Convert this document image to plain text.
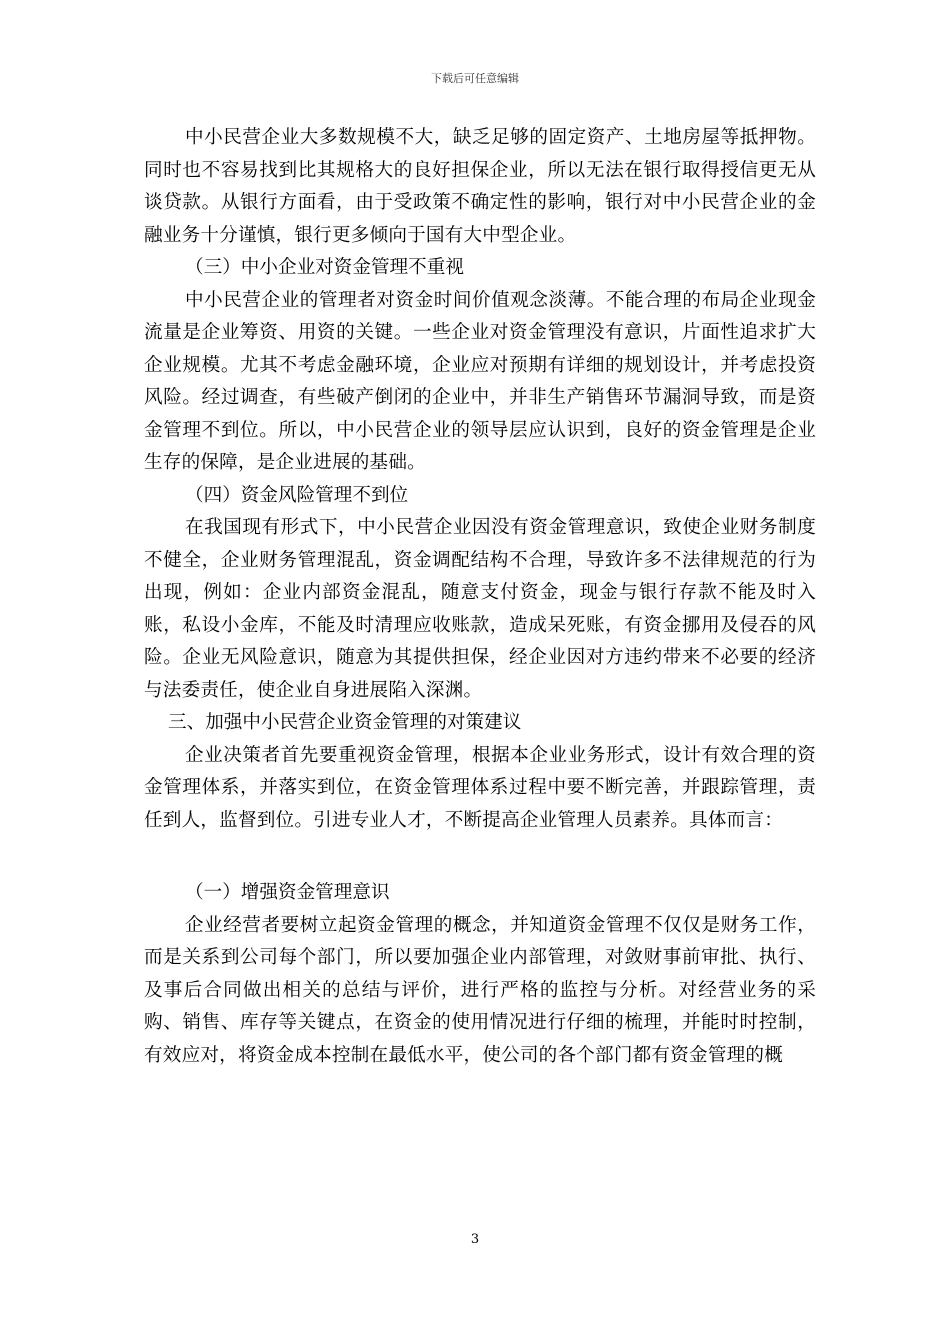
下载后可任意编辑

中小民营企业大多数规模不大，缺乏足够的固定资产、土地房屋等抵押物。同时也不容易找到比其规格大的良好担保企业，所以无法在银行取得授信更无从谈贷款。从银行方面看，由于受政策不确定性的影响，银行对中小民营企业的金融业务十分谨慎，银行更多倾向于国有大中型企业。

（三）中小企业对资金管理不重视

中小民营企业的管理者对资金时间价值观念淡薄。不能合理的布局企业现金流量是企业筹资、用资的关键。一些企业对资金管理没有意识，片面性追求扩大企业规模。尤其不考虑金融环境，企业应对预期有详细的规划设计，并考虑投资风险。经过调查，有些破产倒闭的企业中，并非生产销售环节漏洞导致，而是资金管理不到位。所以，中小民营企业的领导层应认识到，良好的资金管理是企业生存的保障，是企业进展的基础。

（四）资金风险管理不到位

在我国现有形式下，中小民营企业因没有资金管理意识，致使企业财务制度不健全，企业财务管理混乱，资金调配结构不合理，导致许多不法律规范的行为出现，例如：企业内部资金混乱，随意支付资金，现金与银行存款不能及时入账，私设小金库，不能及时清理应收账款，造成呆死账，有资金挪用及侵吞的风险。企业无风险意识，随意为其提供担保，经企业因对方违约带来不必要的经济与法委责任，使企业自身进展陷入深渊。

三、加强中小民营企业资金管理的对策建议

企业决策者首先要重视资金管理，根据本企业业务形式，设计有效合理的资金管理体系，并落实到位，在资金管理体系过程中要不断完善，并跟踪管理，责任到人，监督到位。引进专业人才，不断提高企业管理人员素养。具体而言：

（一）增强资金管理意识

企业经营者要树立起资金管理的概念，并知道资金管理不仅仅是财务工作，而是关系到公司每个部门，所以要加强企业内部管理，对敛财事前审批、执行、及事后合同做出相关的总结与评价，进行严格的监控与分析。对经营业务的采购、销售、库存等关键点，在资金的使用情况进行仔细的梳理，并能时时控制，有效应对，将资金成本控制在最低水平，使公司的各个部门都有资金管理的概

3
